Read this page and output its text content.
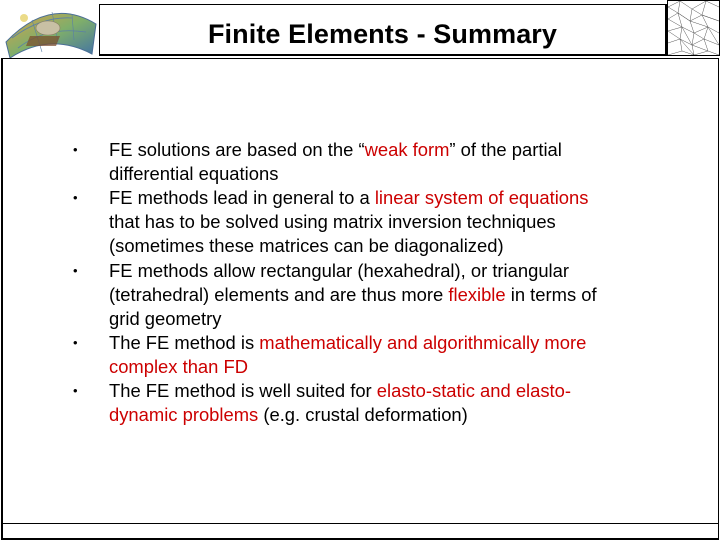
Finite Elements - Summary
• FE solutions are based on the “weak form” of the partial
differential equations
• FE methods lead in general to a linear system of equations
that has to be solved using matrix inversion techniques
(sometimes these matrices can be diagonalized)
• FE methods allow rectangular (hexahedral), or triangular
(tetrahedral) elements and are thus more flexible in terms of
grid geometry
• The FE method is mathematically and algorithmically more
complex than FD
• The FE method is well suited for elasto-static and elasto-
dynamic problems (e.g. crustal deformation)
